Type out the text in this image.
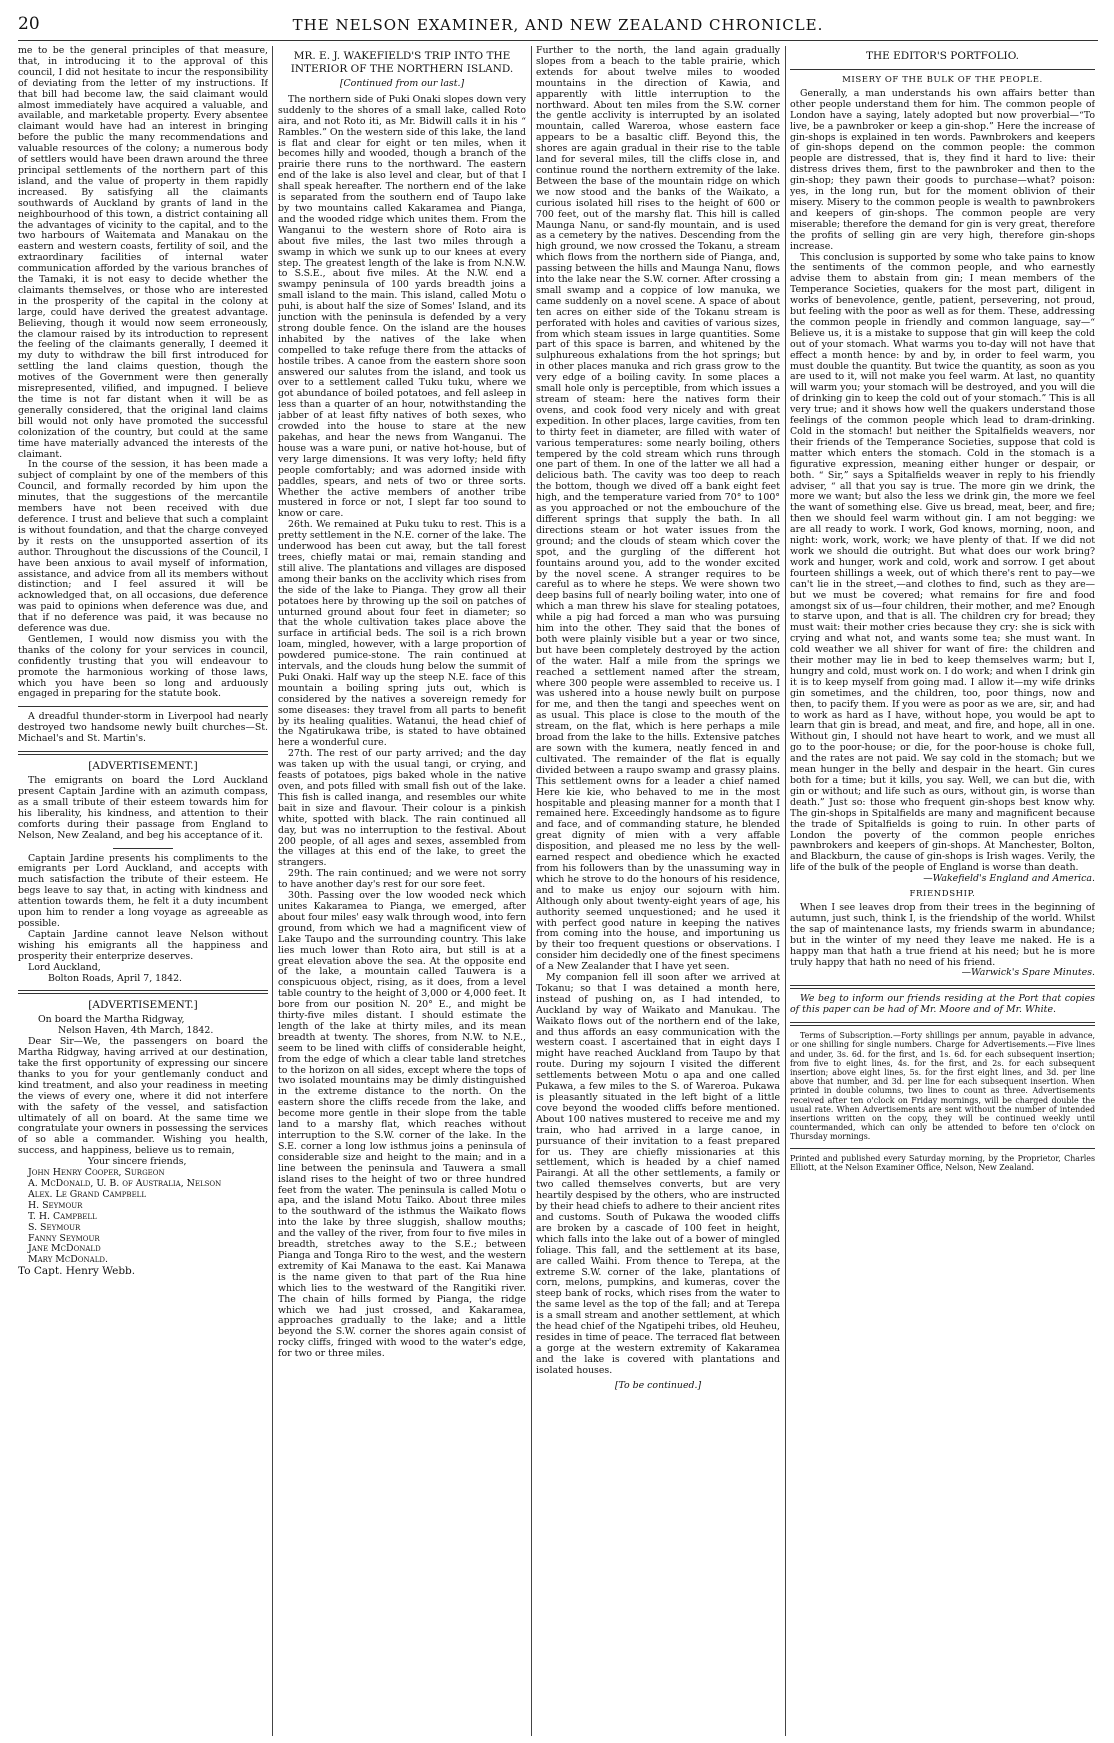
20	THE NELSON EXAMINER, AND NEW ZEALAND CHRONICLE.

me to be the general principles of that measure, that, in introducing it to the approval of this council, I did not hesitate to incur the responsibility of deviating from the letter of my instructions. If that bill had become law, the said claimant would almost immediately have acquired a valuable, and available, and marketable property. Every absentee claimant would have had an interest in bringing before the public the many recommendations and valuable resources of the colony; a numerous body of settlers would have been drawn around the three principal settlements of the northern part of this island, and the value of property in them rapidly increased. By satisfying all the claimants southwards of Auckland by grants of land in the neighbourhood of this town, a district containing all the advantages of vicinity to the capital, and to the two harbours of Waitemata and Manakau on the eastern and western coasts, fertility of soil, and the extraordinary facilities of internal water communication afforded by the various branches of the Tamaki, it is not easy to decide whether the claimants themselves, or those who are interested in the prosperity of the capital in the colony at large, could have derived the greatest advantage. Believing, though it would now seem erroneously, the clamour raised by its introduction to represent the feeling of the claimants generally, I deemed it my duty to withdraw the bill first introduced for settling the land claims question, though the motives of the Government were then generally misrepresented, vilified, and impugned. I believe the time is not far distant when it will be as generally considered, that the original land claims bill would not only have promoted the successful colonization of the country, but could at the same time have materially advanced the interests of the claimant.

In the course of the session, it has been made a subject of complaint by one of the members of this Council, and formally recorded by him upon the minutes, that the suggestions of the mercantile members have not been received with due deference. I trust and believe that such a complaint is without foundation, and that the charge conveyed by it rests on the unsupported assertion of its author. Throughout the discussions of the Council, I have been anxious to avail myself of information, assistance, and advice from all its members without distinction; and I feel assured it will be acknowledged that, on all occasions, due deference was paid to opinions when deference was due, and that if no deference was paid, it was because no deference was due.

Gentlemen, I would now dismiss you with the thanks of the colony for your services in council, confidently trusting that you will endeavour to promote the harmonious working of those laws, which you have been so long and arduously engaged in preparing for the statute book.

A dreadful thunder-storm in Liverpool had nearly destroyed two handsome newly built churches—St. Michael's and St. Martin's.

[ADVERTISEMENT.]

The emigrants on board the Lord Auckland present Captain Jardine with an azimuth compass, as a small tribute of their esteem towards him for his liberality, his kindness, and attention to their comforts during their passage from England to Nelson, New Zealand, and beg his acceptance of it.

Captain Jardine presents his compliments to the emigrants per Lord Auckland, and accepts with much satisfaction the tribute of their esteem. He begs leave to say that, in acting with kindness and attention towards them, he felt it a duty incumbent upon him to render a long voyage as agreeable as possible.

Captain Jardine cannot leave Nelson without wishing his emigrants all the happiness and prosperity their enterprize deserves.

Lord Auckland,

Bolton Roads, April 7, 1842.

[ADVERTISEMENT.]

On board the Martha Ridgway,

Nelson Haven, 4th March, 1842.

Dear Sir—We, the passengers on board the Martha Ridgway, having arrived at our destination, take the first opportunity of expressing our sincere thanks to you for your gentlemanly conduct and kind treatment, and also your readiness in meeting the views of every one, where it did not interfere with the safety of the vessel, and satisfaction ultimately of all on board. At the same time we congratulate your owners in possessing the services of so able a commander. Wishing you health, success, and happiness, believe us to remain,

Your sincere friends,

John Henry Cooper, Surgeon

A. McDonald, U. B. of Australia, Nelson

Alex. Le Grand Campbell

H. Seymour

T. H. Campbell

S. Seymour

Fanny Seymour

Jane McDonald

Mary McDonald.

To Capt. Henry Webb.

MR. E. J. WAKEFIELD'S TRIP INTO THE INTERIOR OF THE NORTHERN ISLAND.
[Continued from our last.]

The northern side of Puki Onaki slopes down very suddenly to the shores of a small lake, called Roto aira, and not Roto iti, as Mr. Bidwill calls it in his “ Rambles.” On the western side of this lake, the land is flat and clear for eight or ten miles, when it becomes hilly and wooded, though a branch of the prairie there runs to the northward. The eastern end of the lake is also level and clear, but of that I shall speak hereafter. The northern end of the lake is separated from the southern end of Taupo lake by two mountains called Kakaramea and Pianga, and the wooded ridge which unites them. From the Wanganui to the western shore of Roto aira is about five miles, the last two miles through a swamp in which we sunk up to our knees at every step. The greatest length of the lake is from N.N.W. to S.S.E., about five miles. At the N.W. end a swampy peninsula of 100 yards breadth joins a small island to the main. This island, called Motu o puhi, is about half the size of Somes' Island, and its junction with the peninsula is defended by a very strong double fence. On the island are the houses inhabited by the natives of the lake when compelled to take refuge there from the attacks of hostile tribes. A canoe from the eastern shore soon answered our salutes from the island, and took us over to a settlement called Tuku tuku, where we got abundance of boiled potatoes, and fell asleep in less than a quarter of an hour, notwithstanding the jabber of at least fifty natives of both sexes, who crowded into the house to stare at the new pakehas, and hear the news from Wanganui. The house was a ware puni, or native hot-house, but of very large dimensions. It was very lofty; held fifty people comfortably; and was adorned inside with paddles, spears, and nets of two or three sorts. Whether the active members of another tribe mustered in force or not, I slept far too sound to know or care.

26th. We remained at Puku tuku to rest. This is a pretty settlement in the N.E. corner of the lake. The underwood has been cut away, but the tall forest trees, chiefly matai or mai, remain standing and still alive. The plantations and villages are disposed among their banks on the acclivity which rises from the side of the lake to Pianga. They grow all their potatoes here by throwing up the soil on patches of unturned ground about four feet in diameter; so that the whole cultivation takes place above the surface in artificial beds. The soil is a rich brown loam, mingled, however, with a large proportion of powdered pumice-stone. The rain continued at intervals, and the clouds hung below the summit of Puki Onaki. Half way up the steep N.E. face of this mountain a boiling spring juts out, which is considered by the natives a sovereign remedy for some diseases: they travel from all parts to benefit by its healing qualities. Watanui, the head chief of the Ngatirukawa tribe, is stated to have obtained here a wonderful cure.

27th. The rest of our party arrived; and the day was taken up with the usual tangi, or crying, and feasts of potatoes, pigs baked whole in the native oven, and pots filled with small fish out of the lake. This fish is called inanga, and resembles our white bait in size and flavour. Their colour is a pinkish white, spotted with black. The rain continued all day, but was no interruption to the festival. About 200 people, of all ages and sexes, assembled from the villages at this end of the lake, to greet the strangers.

29th. The rain continued; and we were not sorry to have another day's rest for our sore feet.

30th. Passing over the low wooded neck which unites Kakaramea to Pianga, we emerged, after about four miles' easy walk through wood, into fern ground, from which we had a magnificent view of Lake Taupo and the surrounding country. This lake lies much lower than Roto aira, but still is at a great elevation above the sea. At the opposite end of the lake, a mountain called Tauwera is a conspicuous object, rising, as it does, from a level table country to the height of 3,000 or 4,000 feet. It bore from our position N. 20° E., and might be thirty-five miles distant. I should estimate the length of the lake at thirty miles, and its mean breadth at twenty. The shores, from N.W. to N.E., seem to be lined with cliffs of considerable height, from the edge of which a clear table land stretches to the horizon on all sides, except where the tops of two isolated mountains may be dimly distinguished in the extreme distance to the north. On the eastern shore the cliffs recede from the lake, and become more gentle in their slope from the table land to a marshy flat, which reaches without interruption to the S.W. corner of the lake. In the S.E. corner a long low isthmus joins a peninsula of considerable size and height to the main; and in a line between the peninsula and Tauwera a small island rises to the height of two or three hundred feet from the water. The peninsula is called Motu o apa, and the island Motu Taiko. About three miles to the southward of the isthmus the Waikato flows into the lake by three sluggish, shallow mouths; and the valley of the river, from four to five miles in breadth, stretches away to the S.E.; between Pianga and Tonga Riro to the west, and the western extremity of Kai Manawa to the east. Kai Manawa is the name given to that part of the Rua hine which lies to the westward of the Rangitiki river. The chain of hills formed by Pianga, the ridge which we had just crossed, and Kakaramea, approaches gradually to the lake; and a little beyond the S.W. corner the shores again consist of rocky cliffs, fringed with wood to the water's edge, for two or three miles.

Further to the north, the land again gradually slopes from a beach to the table prairie, which extends for about twelve miles to wooded mountains in the direction of Kawia, and apparently with little interruption to the northward. About ten miles from the S.W. corner the gentle acclivity is interrupted by an isolated mountain, called Wareroa, whose eastern face appears to be a basaltic cliff. Beyond this, the shores are again gradual in their rise to the table land for several miles, till the cliffs close in, and continue round the northern extremity of the lake. Between the base of the mountain ridge on which we now stood and the banks of the Waikato, a curious isolated hill rises to the height of 600 or 700 feet, out of the marshy flat. This hill is called Maunga Nanu, or sand-fly mountain, and is used as a cemetery by the natives. Descending from the high ground, we now crossed the Tokanu, a stream which flows from the northern side of Pianga, and, passing between the hills and Maunga Nanu, flows into the lake near the S.W. corner. After crossing a small swamp and a coppice of low manuka, we came suddenly on a novel scene. A space of about ten acres on either side of the Tokanu stream is perforated with holes and cavities of various sizes, from which steam issues in large quantities. Some part of this space is barren, and whitened by the sulphureous exhalations from the hot springs; but in other places manuka and rich grass grow to the very edge of a boiling cavity. In some places a small hole only is perceptible, from which issues a stream of steam: here the natives form their ovens, and cook food very nicely and with great expedition. In other places, large cavities, from ten to thirty feet in diameter, are filled with water of various temperatures: some nearly boiling, others tempered by the cold stream which runs through one part of them. In one of the latter we all had a delicious bath. The cavity was too deep to reach the bottom, though we dived off a bank eight feet high, and the temperature varied from 70° to 100° as you approached or not the embouchure of the different springs that supply the bath. In all directions steam or hot water issues from the ground; and the clouds of steam which cover the spot, and the gurgling of the different hot fountains around you, add to the wonder excited by the novel scene. A stranger requires to be careful as to where he steps. We were shown two deep basins full of nearly boiling water, into one of which a man threw his slave for stealing potatoes, while a pig had forced a man who was pursuing him into the other. They said that the bones of both were plainly visible but a year or two since, but have been completely destroyed by the action of the water. Half a mile from the springs we reached a settlement named after the stream, where 300 people were assembled to receive us. I was ushered into a house newly built on purpose for me, and then the tangi and speeches went on as usual. This place is close to the mouth of the stream, on the flat, which is here perhaps a mile broad from the lake to the hills. Extensive patches are sown with the kumera, neatly fenced in and cultivated. The remainder of the flat is equally divided between a raupo swamp and grassy plains. This settlement owns for a leader a chief named Here kie kie, who behaved to me in the most hospitable and pleasing manner for a month that I remained here. Exceedingly handsome as to figure and face, and of commanding stature, he blended great dignity of mien with a very affable disposition, and pleased me no less by the well-earned respect and obedience which he exacted from his followers than by the unassuming way in which he strove to do the honours of his residence, and to make us enjoy our sojourn with him. Although only about twenty-eight years of age, his authority seemed unquestioned; and he used it with perfect good nature in keeping the natives from coming into the house, and importuning us by their too frequent questions or observations. I consider him decidedly one of the finest specimens of a New Zealander that I have yet seen.

My companion fell ill soon after we arrived at Tokanu; so that I was detained a month here, instead of pushing on, as I had intended, to Auckland by way of Waikato and Manukau. The Waikato flows out of the northern end of the lake, and thus affords an easy communication with the western coast. I ascertained that in eight days I might have reached Auckland from Taupo by that route. During my sojourn I visited the different settlements between Motu o apa and one called Pukawa, a few miles to the S. of Wareroa. Pukawa is pleasantly situated in the left bight of a little cove beyond the wooded cliffs before mentioned. About 100 natives mustered to receive me and my train, who had arrived in a large canoe, in pursuance of their invitation to a feast prepared for us. They are chiefly missionaries at this settlement, which is headed by a chief named Pairangi. At all the other settlements, a family or two called themselves converts, but are very heartily despised by the others, who are instructed by their head chiefs to adhere to their ancient rites and customs. South of Pukawa the wooded cliffs are broken by a cascade of 100 feet in height, which falls into the lake out of a bower of mingled foliage. This fall, and the settlement at its base, are called Waihi. From thence to Terepa, at the extreme S.W. corner of the lake, plantations of corn, melons, pumpkins, and kumeras, cover the steep bank of rocks, which rises from the water to the same level as the top of the fall; and at Terepa is a small stream and another settlement, at which the head chief of the Ngatipehi tribes, old Heuheu, resides in time of peace. The terraced flat between a gorge at the western extremity of Kakaramea and the lake is covered with plantations and isolated houses.

[To be continued.]
THE EDITOR'S PORTFOLIO.
MISERY OF THE BULK OF THE PEOPLE.

Generally, a man understands his own affairs better than other people understand them for him. The common people of London have a saying, lately adopted but now proverbial—“To live, be a pawnbroker or keep a gin-shop.” Here the increase of gin-shops is explained in ten words. Pawnbrokers and keepers of gin-shops depend on the common people: the common people are distressed, that is, they find it hard to live: their distress drives them, first to the pawnbroker and then to the gin-shop; they pawn their goods to purchase—what? poison: yes, in the long run, but for the moment oblivion of their misery. Misery to the common people is wealth to pawnbrokers and keepers of gin-shops. The common people are very miserable; therefore the demand for gin is very great, therefore the profits of selling gin are very high, therefore gin-shops increase.

This conclusion is supported by some who take pains to know the sentiments of the common people, and who earnestly advise them to abstain from gin; I mean members of the Temperance Societies, quakers for the most part, diligent in works of benevolence, gentle, patient, persevering, not proud, but feeling with the poor as well as for them. These, addressing the common people in friendly and common language, say—“ Believe us, it is a mistake to suppose that gin will keep the cold out of your stomach. What warms you to-day will not have that effect a month hence: by and by, in order to feel warm, you must double the quantity. But twice the quantity, as soon as you are used to it, will not make you feel warm. At last, no quantity will warm you; your stomach will be destroyed, and you will die of drinking gin to keep the cold out of your stomach.” This is all very true; and it shows how well the quakers understand those feelings of the common people which lead to dram-drinking. Cold in the stomach! but neither the Spitalfields weavers, nor their friends of the Temperance Societies, suppose that cold is matter which enters the stomach. Cold in the stomach is a figurative expression, meaning either hunger or despair, or both. “ Sir,” says a Spitalfields weaver in reply to his friendly adviser, “ all that you say is true. The more gin we drink, the more we want; but also the less we drink gin, the more we feel the want of something else. Give us bread, meat, beer, and fire; then we should feel warm without gin. I am not begging: we are all ready to work. I work, God knows, morning, noon, and night: work, work, work; we have plenty of that. If we did not work we should die outright. But what does our work bring? work and hunger, work and cold, work and sorrow. I get about fourteen shillings a week, out of which there's rent to pay—we can't lie in the street,—and clothes to find, such as they are—but we must be covered; what remains for fire and food amongst six of us—four children, their mother, and me? Enough to starve upon, and that is all. The children cry for bread; they must wait: their mother cries because they cry: she is sick with crying and what not, and wants some tea; she must want. In cold weather we all shiver for want of fire: the children and their mother may lie in bed to keep themselves warm; but I, hungry and cold, must work on. I do work; and when I drink gin it is to keep myself from going mad. I allow it—my wife drinks gin sometimes, and the children, too, poor things, now and then, to pacify them. If you were as poor as we are, sir, and had to work as hard as I have, without hope, you would be apt to learn that gin is bread, and meat, and fire, and hope, all in one. Without gin, I should not have heart to work, and we must all go to the poor-house; or die, for the poor-house is choke full, and the rates are not paid. We say cold in the stomach; but we mean hunger in the belly and despair in the heart. Gin cures both for a time; but it kills, you say. Well, we can but die, with gin or without; and life such as ours, without gin, is worse than death.” Just so: those who frequent gin-shops best know why. The gin-shops in Spitalfields are many and magnificent because the trade of Spitalfields is going to ruin. In other parts of London the poverty of the common people enriches pawnbrokers and keepers of gin-shops. At Manchester, Bolton, and Blackburn, the cause of gin-shops is Irish wages. Verily, the life of the bulk of the people of England is worse than death.

—Wakefield's England and America.

FRIENDSHIP.

When I see leaves drop from their trees in the beginning of autumn, just such, think I, is the friendship of the world. Whilst the sap of maintenance lasts, my friends swarm in abundance; but in the winter of my need they leave me naked. He is a happy man that hath a true friend at his need; but he is more truly happy that hath no need of his friend.

—Warwick's Spare Minutes.

We beg to inform our friends residing at the Port that copies of this paper can be had of Mr. Moore and of Mr. White.

Terms of Subscription.—Forty shillings per annum, payable in advance, or one shilling for single numbers. Charge for Advertisements.—Five lines and under, 3s. 6d. for the first, and 1s. 6d. for each subsequent insertion; from five to eight lines, 4s. for the first, and 2s. for each subsequent insertion; above eight lines, 5s. for the first eight lines, and 3d. per line above that number, and 3d. per line for each subsequent insertion. When printed in double columns, two lines to count as three. Advertisements received after ten o'clock on Friday mornings, will be charged double the usual rate. When Advertisements are sent without the number of intended insertions written on the copy, they will be continued weekly until countermanded, which can only be attended to before ten o'clock on Thursday mornings.

Printed and published every Saturday morning, by the Proprietor, Charles Elliott, at the Nelson Examiner Office, Nelson, New Zealand.
